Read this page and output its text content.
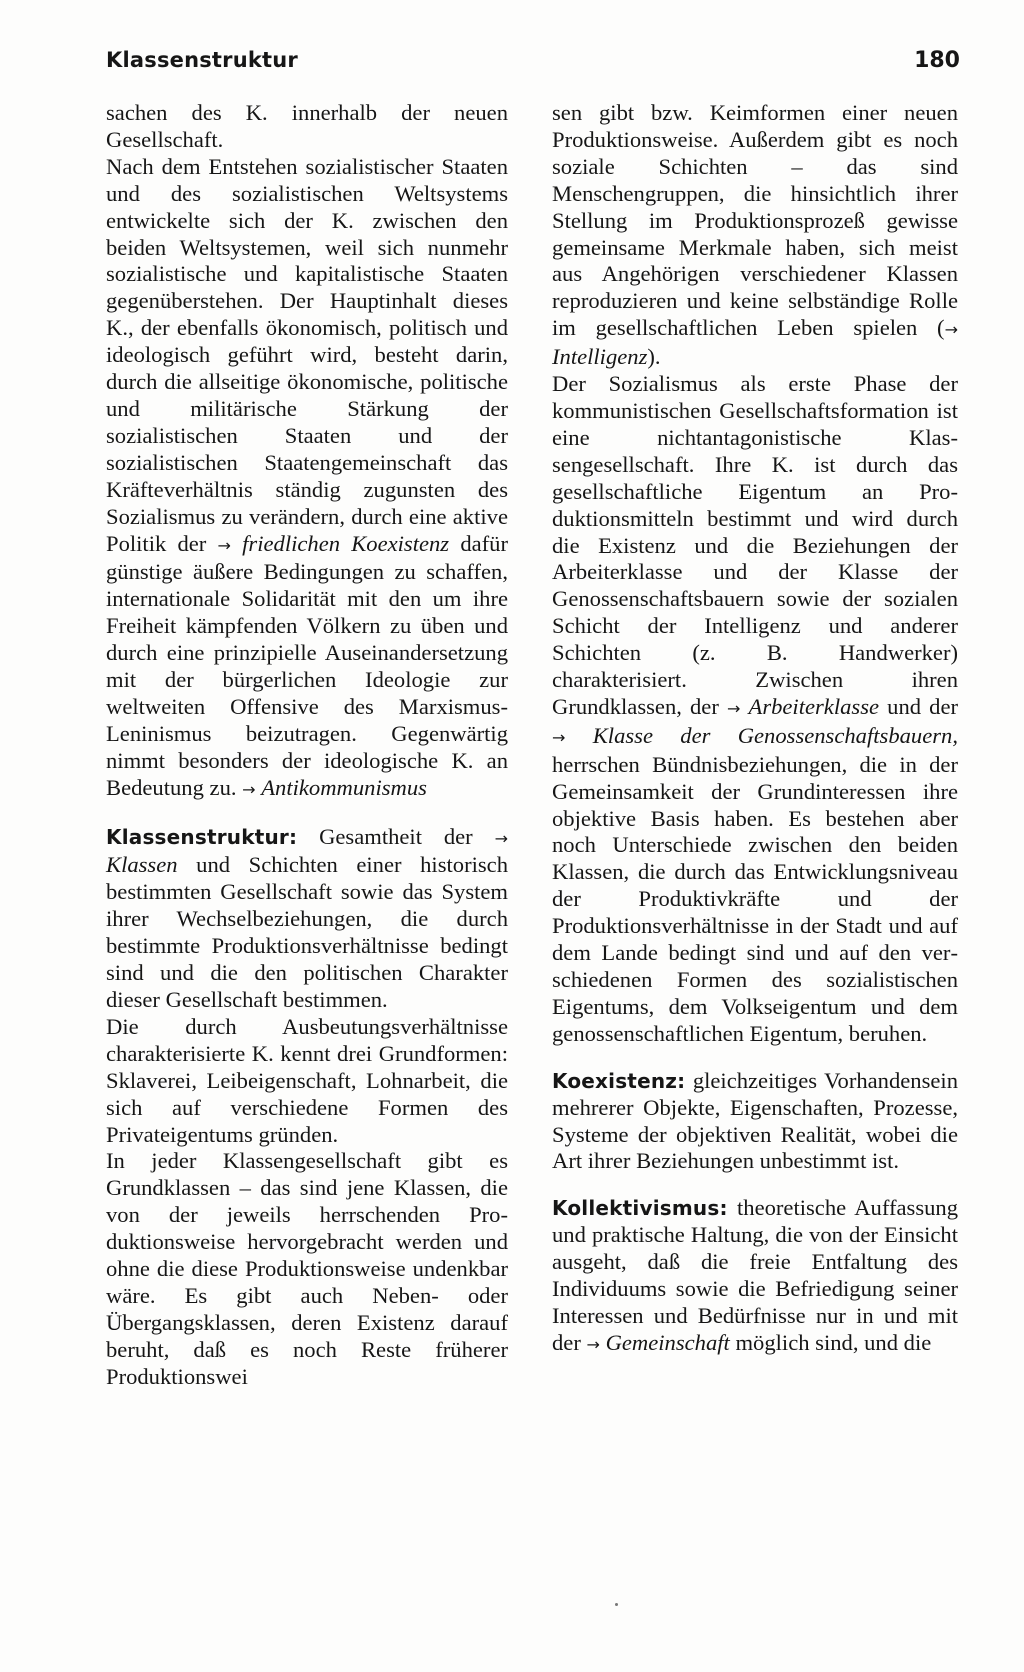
Klassenstruktur	180

sachen des K. innerhalb der neuen Gesellschaft.

Nach dem Entstehen sozialistischer Staaten und des sozialistischen Weltsystems entwickelte sich der K. zwischen den beiden Weltsystemen, weil sich nunmehr sozialistische und kapitalistische Staaten gegenüberstehen. Der Hauptinhalt dieses K., der ebenfalls ökonomisch, politisch und ideologisch geführt wird, besteht darin, durch die allseitige ökonomische, politische und militärische Stärkung der sozialistischen Staaten und der sozialistischen Staatengemeinschaft das Kräfteverhältnis ständig zugunsten des Sozialismus zu verändern, durch eine aktive Politik der → friedlichen Koexistenz dafür günstige äußere Bedingungen zu schaffen, internationale Solidarität mit den um ihre Freiheit kämpfenden Völkern zu üben und durch eine prinzipielle Auseinandersetzung mit der bürgerlichen Ideologie zur weltweiten Offensive des Marxismus-Leninismus beizutragen. Gegenwärtig nimmt besonders der ideologische K. an Bedeutung zu. → Antikommunismus

Klassenstruktur: Gesamtheit der → Klassen und Schichten einer historisch bestimmten Gesellschaft sowie das System ihrer Wechselbeziehungen, die durch bestimmte Produktionsverhältnisse bedingt sind und die den politischen Charakter dieser Gesellschaft bestimmen.

Die durch Ausbeutungsverhältnisse charakterisierte K. kennt drei Grundformen: Sklaverei, Leibeigenschaft, Lohnarbeit, die sich auf verschiedene Formen des Privateigentums gründen.

In jeder Klassengesellschaft gibt es Grundklassen – das sind jene Klassen, die von der jeweils herrschenden Produktionsweise hervorgebracht werden und ohne die diese Produktionsweise undenkbar wäre. Es gibt auch Neben- oder Übergangsklassen, deren Existenz darauf beruht, daß es noch Reste früherer Produktionswei

sen gibt bzw. Keimformen einer neuen Produktionsweise. Außerdem gibt es noch soziale Schichten – das sind Menschengruppen, die hinsichtlich ihrer Stellung im Produktionsprozeß gewisse gemeinsame Merkmale haben, sich meist aus Angehörigen verschiedener Klassen reproduzieren und keine selbständige Rolle im gesellschaftlichen Leben spielen (→ Intelligenz).

Der Sozialismus als erste Phase der kommunistischen Gesellschaftsformation ist eine nichtantagonistische Klassengesellschaft. Ihre K. ist durch das gesellschaftliche Eigentum an Produktionsmitteln bestimmt und wird durch die Existenz und die Beziehungen der Arbeiterklasse und der Klasse der Genossenschaftsbauern sowie der sozialen Schicht der Intelligenz und anderer Schichten (z. B. Handwerker) charakterisiert. Zwischen ihren Grundklassen, der → Arbeiterklasse und der → Klasse der Genossenschaftsbauern, herrschen Bündnisbeziehungen, die in der Gemeinsamkeit der Grundinteressen ihre objektive Basis haben. Es bestehen aber noch Unterschiede zwischen den beiden Klassen, die durch das Entwicklungsniveau der Produktivkräfte und der Produktionsverhältnisse in der Stadt und auf dem Lande bedingt sind und auf den verschiedenen Formen des sozialistischen Eigentums, dem Volkseigentum und dem genossenschaftlichen Eigentum, beruhen.

Koexistenz: gleichzeitiges Vorhandensein mehrerer Objekte, Eigenschaften, Prozesse, Systeme der objektiven Realität, wobei die Art ihrer Beziehungen unbestimmt ist.

Kollektivismus: theoretische Auffassung und praktische Haltung, die von der Einsicht ausgeht, daß die freie Entfaltung des Individuums sowie die Befriedigung seiner Interessen und Bedürfnisse nur in und mit der → Gemeinschaft möglich sind, und die
